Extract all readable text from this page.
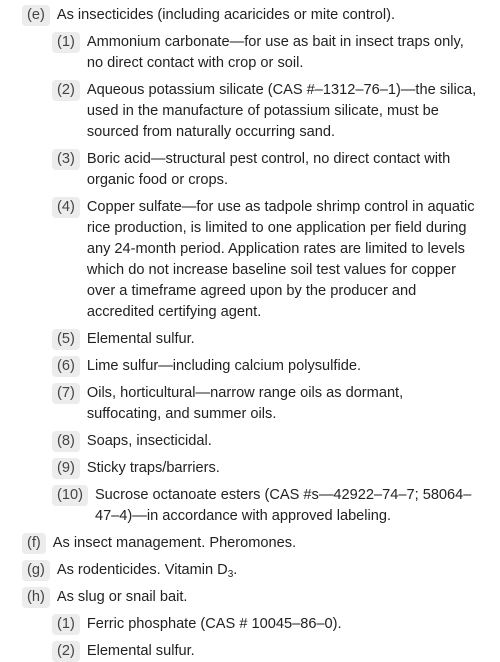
(e) As insecticides (including acaricides or mite control).
(1) Ammonium carbonate—for use as bait in insect traps only, no direct contact with crop or soil.
(2) Aqueous potassium silicate (CAS #–1312–76–1)—the silica, used in the manufacture of potassium silicate, must be sourced from naturally occurring sand.
(3) Boric acid—structural pest control, no direct contact with organic food or crops.
(4) Copper sulfate—for use as tadpole shrimp control in aquatic rice production, is limited to one application per field during any 24-month period. Application rates are limited to levels which do not increase baseline soil test values for copper over a timeframe agreed upon by the producer and accredited certifying agent.
(5) Elemental sulfur.
(6) Lime sulfur—including calcium polysulfide.
(7) Oils, horticultural—narrow range oils as dormant, suffocating, and summer oils.
(8) Soaps, insecticidal.
(9) Sticky traps/barriers.
(10) Sucrose octanoate esters (CAS #s—42922–74–7; 58064–47–4)—in accordance with approved labeling.
(f) As insect management. Pheromones.
(g) As rodenticides. Vitamin $D_3$.
(h) As slug or snail bait.
(1) Ferric phosphate (CAS # 10045–86–0).
(2) Elemental sulfur.
